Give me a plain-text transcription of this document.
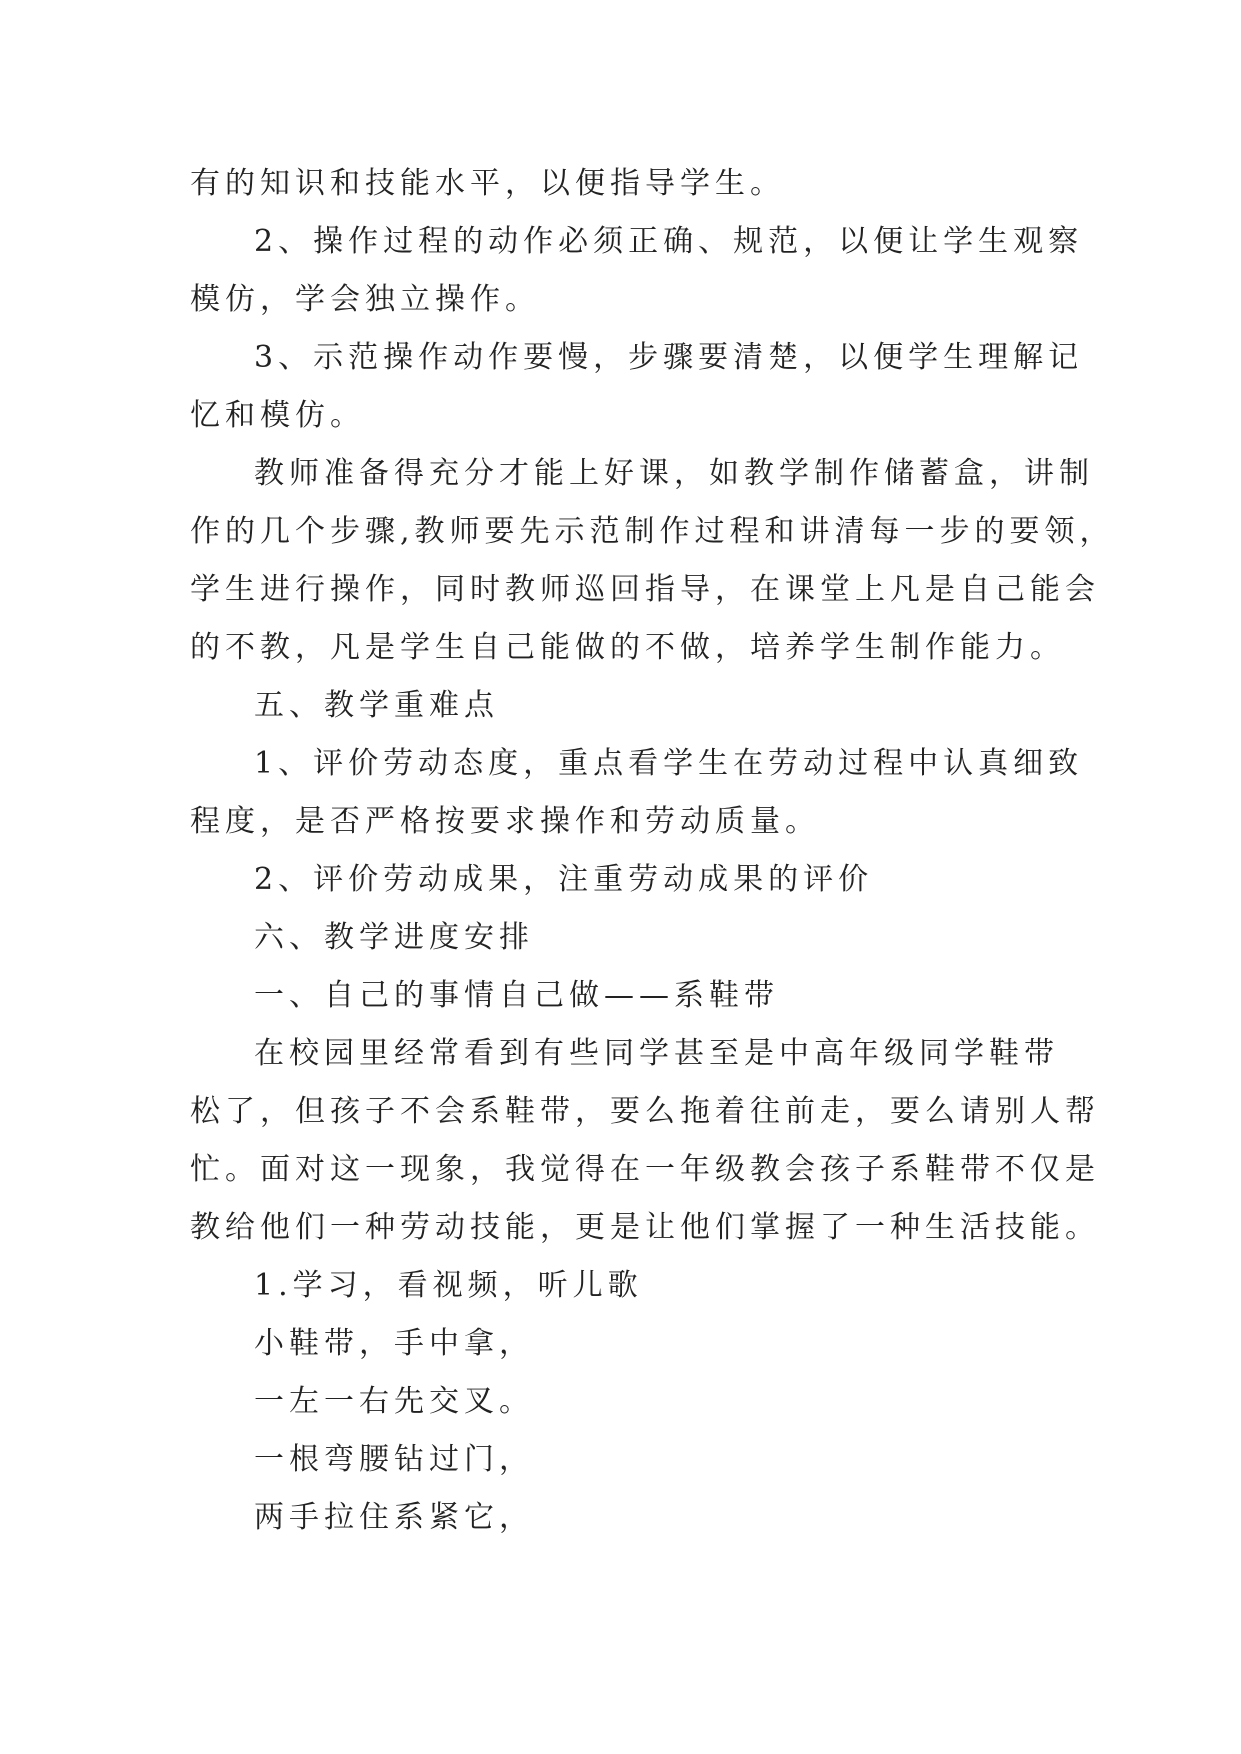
有的知识和技能水平，以便指导学生。
2、操作过程的动作必须正确、规范，以便让学生观察
模仿，学会独立操作。
3、示范操作动作要慢，步骤要清楚，以便学生理解记
忆和模仿。
教师准备得充分才能上好课，如教学制作储蓄盒，讲制
作的几个步骤,教师要先示范制作过程和讲清每一步的要领，
学生进行操作，同时教师巡回指导，在课堂上凡是自己能会
的不教，凡是学生自己能做的不做，培养学生制作能力。
五、教学重难点
1、评价劳动态度，重点看学生在劳动过程中认真细致
程度，是否严格按要求操作和劳动质量。
2、评价劳动成果，注重劳动成果的评价
六、教学进度安排
一、自己的事情自己做——系鞋带
在校园里经常看到有些同学甚至是中高年级同学鞋带
松了，但孩子不会系鞋带，要么拖着往前走，要么请别人帮
忙。面对这一现象，我觉得在一年级教会孩子系鞋带不仅是
教给他们一种劳动技能，更是让他们掌握了一种生活技能。
1.学习，看视频，听儿歌
小鞋带，手中拿，
一左一右先交叉。
一根弯腰钻过门，
两手拉住系紧它，
